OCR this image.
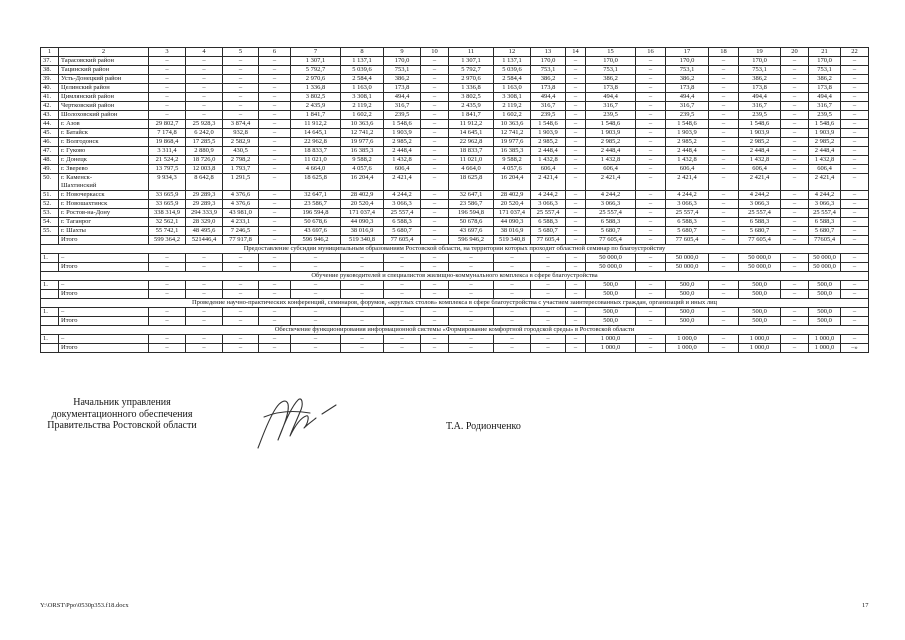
1	2	3	4	5	6	7	8	9	10	11	12	13	14	15	16	17	18	19	20	21	22
37.	Тарасовский район	–	–	–	–	1 307,1	1 137,1	170,0	–	1 307,1	1 137,1	170,0	–	170,0	–	170,0	–	170,0	–	170,0	–
38.	Тацинский район	–	–	–	–	5 792,7	5 039,6	753,1	–	5 792,7	5 039,6	753,1	–	753,1	–	753,1	–	753,1	–	753,1	–
39.	Усть-Донецкий район	–	–	–	–	2 970,6	2 584,4	386,2	–	2 970,6	2 584,4	386,2	–	386,2	–	386,2	–	386,2	–	386,2	–
40.	Целинский район	–	–	–	–	1 336,8	1 163,0	173,8	–	1 336,8	1 163,0	173,8	–	173,8	–	173,8	–	173,8	–	173,8	–
41.	Цимлянский район	–	–	–	–	3 802,5	3 308,1	494,4	–	3 802,5	3 308,1	494,4	–	494,4	–	494,4	–	494,4	–	494,4	–
42.	Чертковский район	–	–	–	–	2 435,9	2 119,2	316,7	–	2 435,9	2 119,2	316,7	–	316,7	–	316,7	–	316,7	–	316,7	–
43.	Шолоховский район	–	–	–	–	1 841,7	1 602,2	239,5	–	1 841,7	1 602,2	239,5	–	239,5	–	239,5	–	239,5	–	239,5	–
44.	г. Азов	29 802,7	25 928,3	3 874,4	–	11 912,2	10 363,6	1 548,6	–	11 912,2	10 363,6	1 548,6	–	1 548,6	–	1 548,6	–	1 548,6	–	1 548,6	–
45.	г. Батайск	7 174,8	6 242,0	932,8	–	14 645,1	12 741,2	1 903,9	–	14 645,1	12 741,2	1 903,9	–	1 903,9	–	1 903,9	–	1 903,9	–	1 903,9	–
46.	г. Волгодонск	19 868,4	17 285,5	2 582,9	–	22 962,8	19 977,6	2 985,2	–	22 962,8	19 977,6	2 985,2	–	2 985,2	–	2 985,2	–	2 985,2	–	2 985,2	–
47.	г. Гуково	3 311,4	2 880,9	430,5	–	18 833,7	16 385,3	2 448,4	–	18 833,7	16 385,3	2 448,4	–	2 448,4	–	2 448,4	–	2 448,4	–	2 448,4	–
48.	г. Донецк	21 524,2	18 726,0	2 798,2	–	11 021,0	9 588,2	1 432,8	–	11 021,0	9 588,2	1 432,8	–	1 432,8	–	1 432,8	–	1 432,8	–	1 432,8	–
49.	г. Зверево	13 797,5	12 003,8	1 793,7	–	4 664,0	4 057,6	606,4	–	4 664,0	4 057,6	606,4	–	606,4	–	606,4	–	606,4	–	606,4	–
50.	г. Каменск-
Шахтинский	9 934,3	8 642,8	1 291,5	–	18 625,8	16 204,4	2 421,4	–	18 625,8	16 204,4	2 421,4	–	2 421,4	–	2 421,4	–	2 421,4	–	2 421,4	–
51.	г. Новочеркасск	33 665,9	29 289,3	4 376,6	–	32 647,1	28 402,9	4 244,2	–	32 647,1	28 402,9	4 244,2	–	4 244,2	–	4 244,2	–	4 244,2	–	4 244,2	–
52.	г. Новошахтинск	33 665,9	29 289,3	4 376,6	–	23 586,7	20 520,4	3 066,3	–	23 586,7	20 520,4	3 066,3	–	3 066,3	–	3 066,3	–	3 066,3	–	3 066,3	–
53.	г. Ростов-на-Дону	338 314,9	294 333,9	43 981,0	–	196 594,8	171 037,4	25 557,4	–	196 594,8	171 037,4	25 557,4	–	25 557,4	–	25 557,4	–	25 557,4	–	25 557,4	–
54.	г. Таганрог	32 562,1	28 329,0	4 233,1	–	50 678,6	44 090,3	6 588,3	–	50 678,6	44 090,3	6 588,3	–	6 588,3	–	6 588,3	–	6 588,3	–	6 588,3	–
55.	г. Шахты	55 742,1	48 495,6	7 246,5	–	43 697,6	38 016,9	5 680,7	–	43 697,6	38 016,9	5 680,7	–	5 680,7	–	5 680,7	–	5 680,7	–	5 680,7	–
	Итого	599 364,2	521446,4	77 917,8	–	596 946,2	519 340,8	77 605,4	–	596 946,2	519 340,8	77 605,4	–	77 605,4	–	77 605,4	–	77 605,4	–	77605,4	–
Предоставление субсидии муниципальным образованиям Ростовской области, на территории которых проходит областной семинар по благоустройству																					
1.	–	–	–	–	–	–	–	–	–	–	–	–	–	50 000,0	–	50 000,0	–	50 000,0	–	50 000,0	–
	Итого	–	–	–	–	–	–	–	–	–	–	–	–	50 000,0	–	50 000,0	–	50 000,0	–	50 000,0	–
Обучение руководителей и специалистов жилищно-коммунального комплекса в сфере благоустройства																					
1.	–	–	–	–	–	–	–	–	–	–	–	–	–	500,0	–	500,0	–	500,0	–	500,0	–
	Итого	–	–	–	–	–	–	–	–	–	–	–	–	500,0	–	500,0	–	500,0	–	500,0	–
Проведение научно-практических конференций, семинаров, форумов, «круглых столов» комплекса в сфере благоустройства с участием заинтересованных граждан, организаций и иных лиц																					
1.	–	–	–	–	–	–	–	–	–	–	–	–	–	500,0	–	500,0	–	500,0	–	500,0	–
	Итого	–	–	–	–	–	–	–	–	–	–	–	–	500,0	–	500,0	–	500,0	–	500,0	–
Обеспечение функционирования информационной системы «Формирование комфортной городской среды» в Ростовской области																					
1.	–	–	–	–	–	–	–	–	–	–	–	–	–	1 000,0	–	1 000,0	–	1 000,0	–	1 000,0	–
	Итого	–	–	–	–	–	–	–	–	–	–	–	–	1 000,0	–	1 000,0	–	1 000,0	–	1 000,0	–»
Начальник управления
документационного обеспечения
Правительства Ростовской области	Т.А. Родионченко
Y:\ORST\Ppo\0530p353.f18.docx	17
